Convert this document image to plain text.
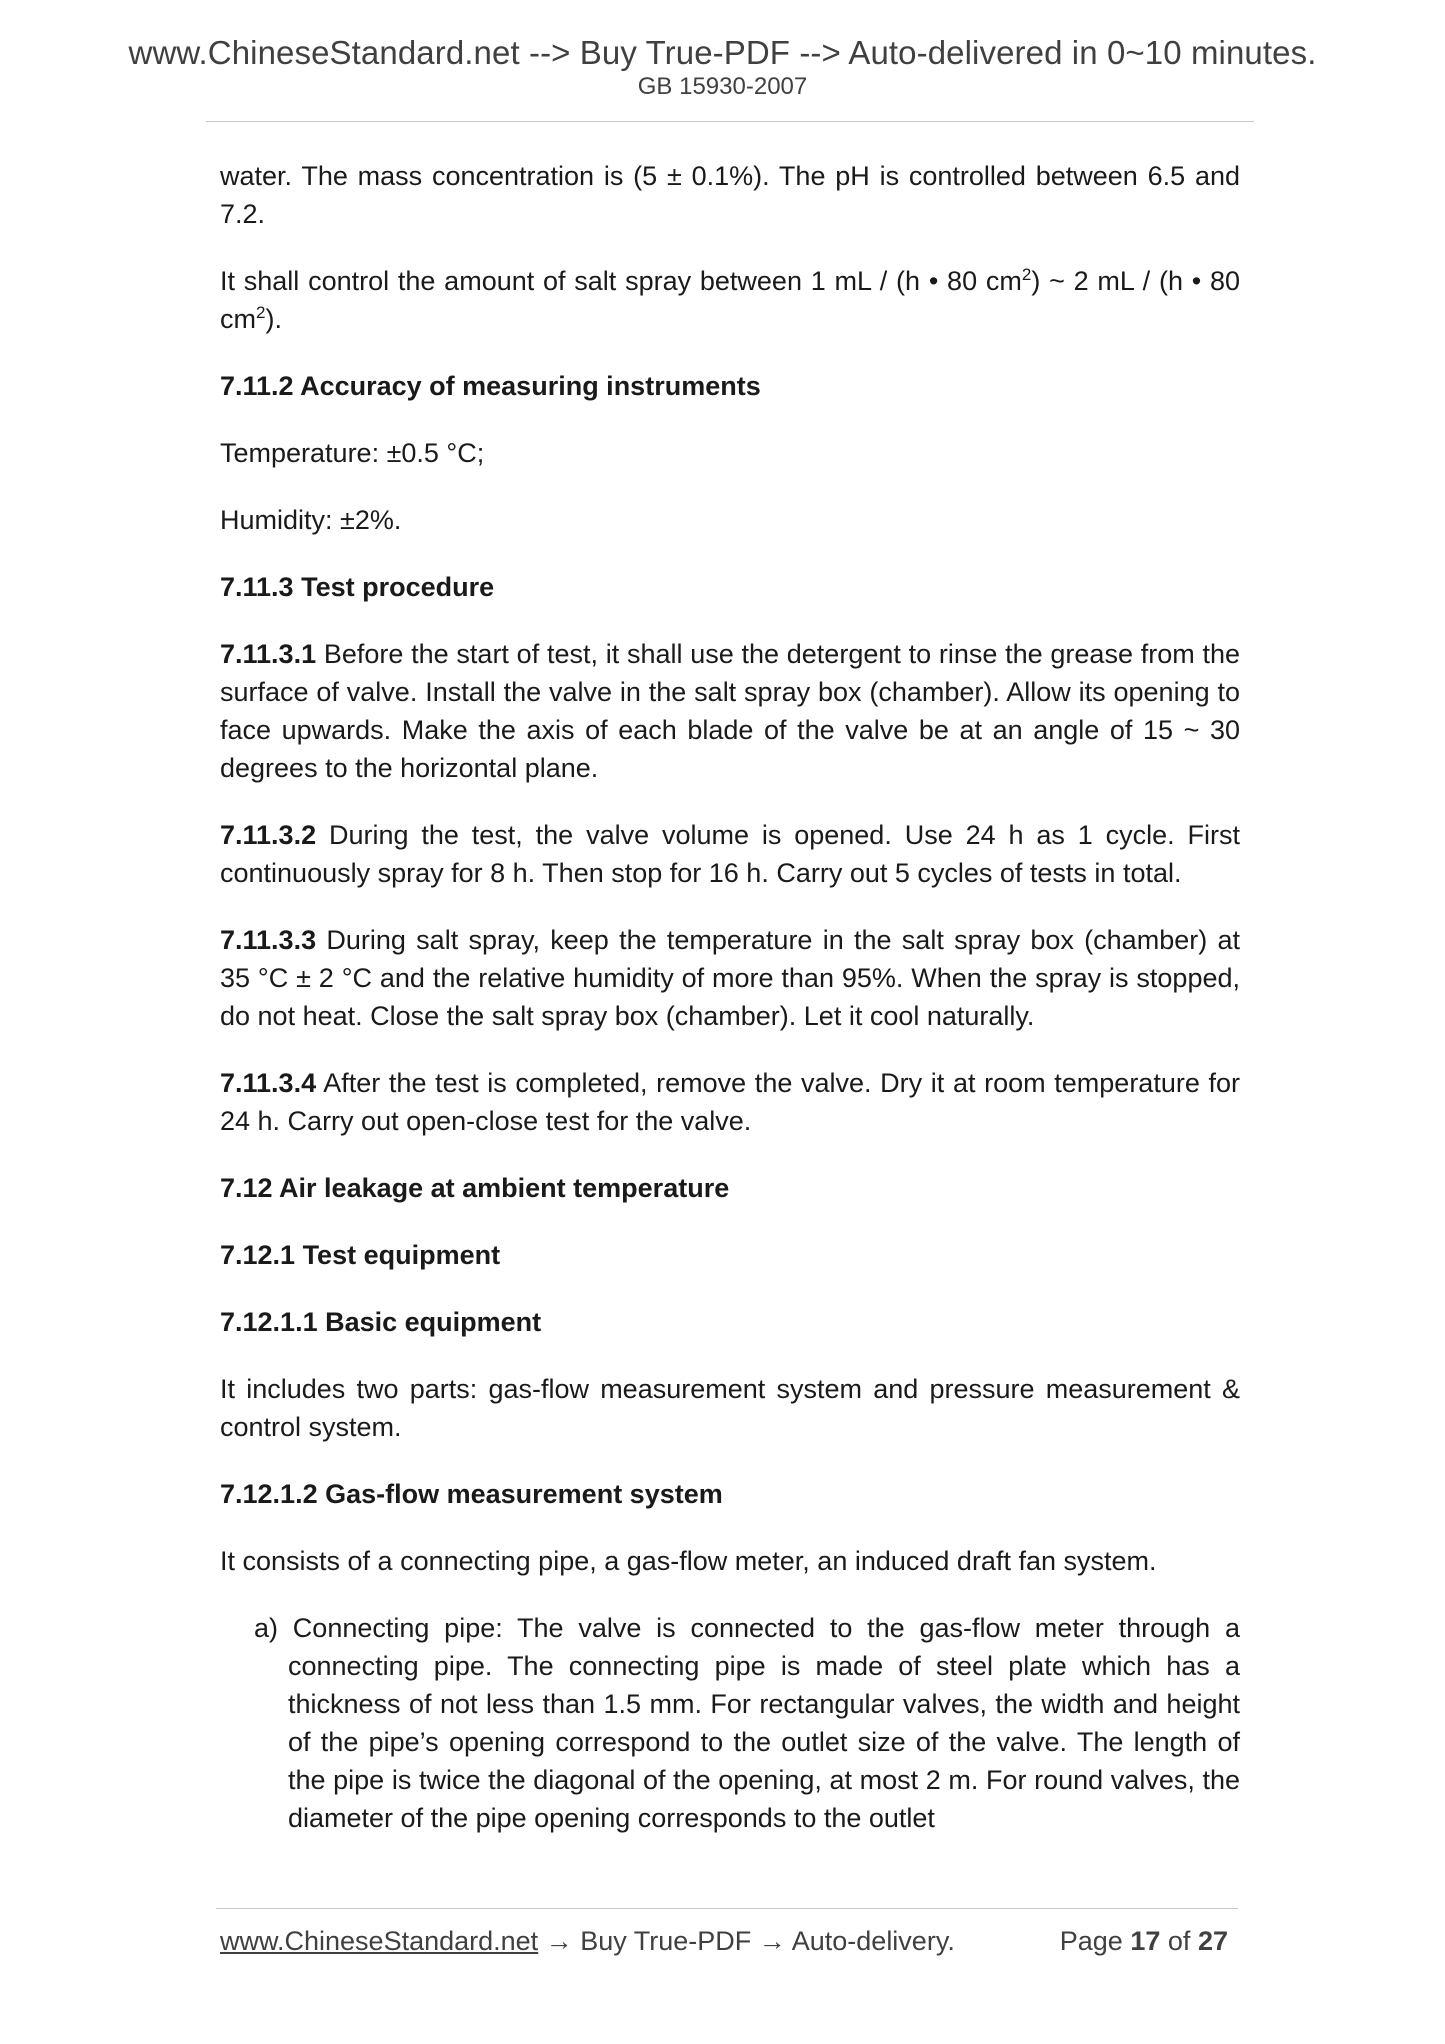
www.ChineseStandard.net --> Buy True-PDF --> Auto-delivered in 0~10 minutes.
GB 15930-2007

water. The mass concentration is (5 ± 0.1%). The pH is controlled between 6.5 and 7.2.

It shall control the amount of salt spray between 1 mL / (h • 80 $cm^2$) ~ 2 mL / (h • 80 $cm^2$).

7.11.2 Accuracy of measuring instruments

Temperature: ±0.5 °C;

Humidity: ±2%.

7.11.3 Test procedure

7.11.3.1 Before the start of test, it shall use the detergent to rinse the grease from the surface of valve. Install the valve in the salt spray box (chamber). Allow its opening to face upwards. Make the axis of each blade of the valve be at an angle of 15 ~ 30 degrees to the horizontal plane.

7.11.3.2 During the test, the valve volume is opened. Use 24 h as 1 cycle. First continuously spray for 8 h. Then stop for 16 h. Carry out 5 cycles of tests in total.

7.11.3.3 During salt spray, keep the temperature in the salt spray box (chamber) at 35 °C ± 2 °C and the relative humidity of more than 95%. When the spray is stopped, do not heat. Close the salt spray box (chamber). Let it cool naturally.

7.11.3.4 After the test is completed, remove the valve. Dry it at room temperature for 24 h. Carry out open-close test for the valve.

7.12 Air leakage at ambient temperature

7.12.1 Test equipment

7.12.1.1 Basic equipment

It includes two parts: gas-flow measurement system and pressure measurement & control system.

7.12.1.2 Gas-flow measurement system

It consists of a connecting pipe, a gas-flow meter, an induced draft fan system.

a) Connecting pipe: The valve is connected to the gas-flow meter through a connecting pipe. The connecting pipe is made of steel plate which has a thickness of not less than 1.5 mm. For rectangular valves, the width and height of the pipe’s opening correspond to the outlet size of the valve. The length of the pipe is twice the diagonal of the opening, at most 2 m. For round valves, the diameter of the pipe opening corresponds to the outlet

www.ChineseStandard.net → Buy True-PDF → Auto-delivery.	Page 17 of 27
